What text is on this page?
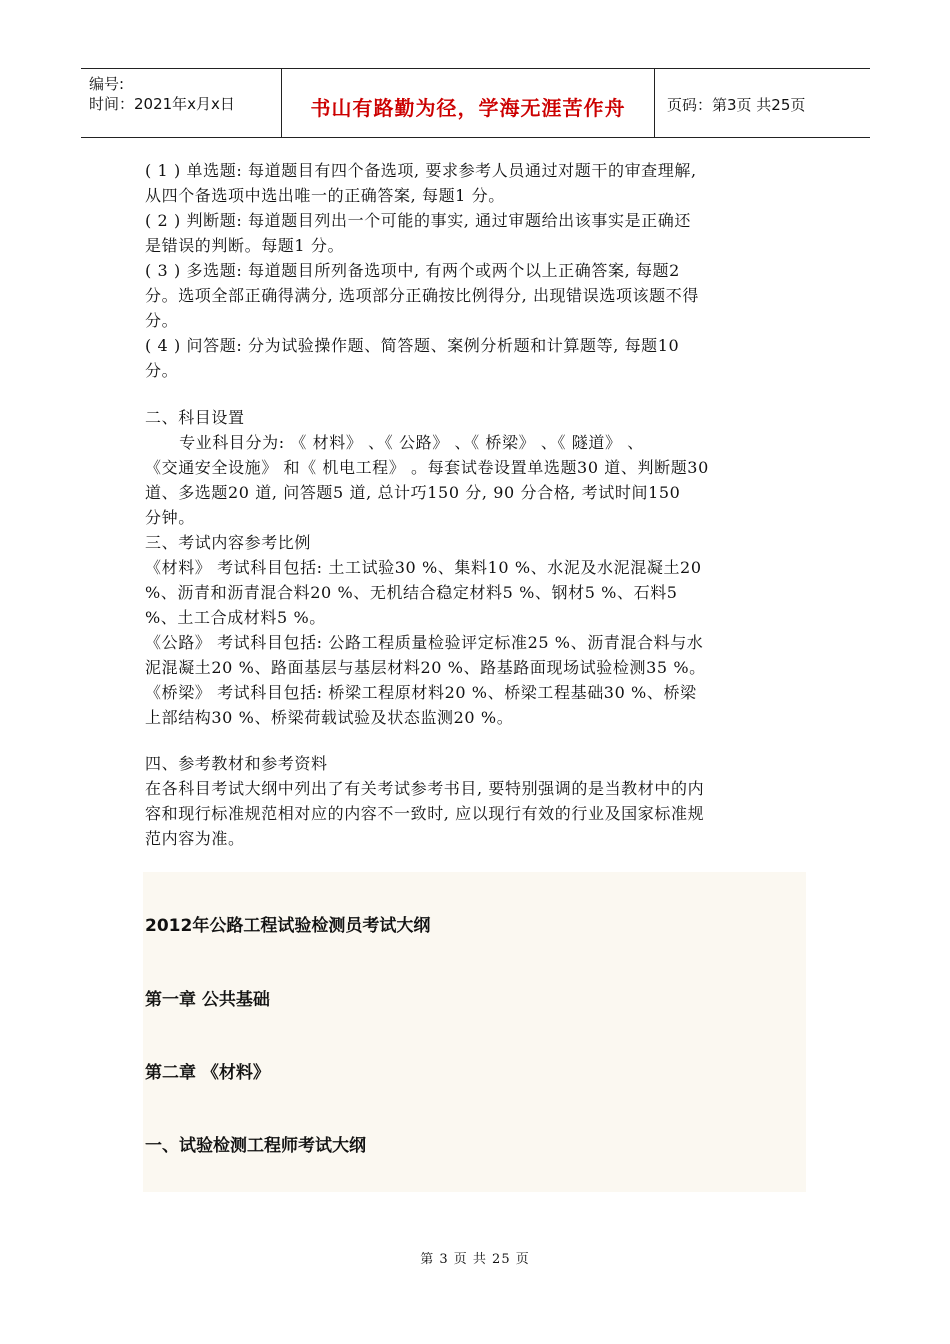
编号:
时间：2021年x月x日	书山有路勤为径，学海无涯苦作舟	页码：第3页 共25页
( 1 ) 单选题: 每道题目有四个备选项, 要求参考人员通过对题干的审查理解,
从四个备选项中选出唯一的正确答案, 每题1 分。
( 2 ) 判断题: 每道题目列出一个可能的事实, 通过审题给出该事实是正确还
是错误的判断。每题1 分。
( 3 ) 多选题: 每道题目所列备选项中, 有两个或两个以上正确答案, 每题2
分。选项全部正确得满分, 选项部分正确按比例得分, 出现错误选项该题不得
分。
( 4 ) 问答题: 分为试验操作题、简答题、案例分析题和计算题等, 每题10
分。
二、科目设置
专业科目分为: 《 材料》 、《 公路》 、《 桥梁》 、《 隧道》 、
《交通安全设施》 和《 机电工程》 。每套试卷设置单选题30 道、判断题30
道、多选题20 道, 问答题5 道, 总计巧150 分, 90 分合格, 考试时间150
分钟。
三、考试内容参考比例
《材料》 考试科目包括: 土工试验30 %、集料10 %、水泥及水泥混凝土20
%、沥青和沥青混合料20 %、无机结合稳定材料5 %、钢材5 %、石料5
%、土工合成材料5 %。
《公路》 考试科目包括: 公路工程质量检验评定标准25 %、沥青混合料与水
泥混凝土20 %、路面基层与基层材料20 %、路基路面现场试验检测35 %。
《桥梁》 考试科目包括: 桥梁工程原材料20 %、桥梁工程基础30 %、桥梁
上部结构30 %、桥梁荷载试验及状态监测20 %。
四、参考教材和参考资料
在各科目考试大纲中列出了有关考试参考书目, 要特别强调的是当教材中的内
容和现行标准规范相对应的内容不一致时, 应以现行有效的行业及国家标准规
范内容为准。
2012年公路工程试验检测员考试大纲
第一章 公共基础
第二章 《材料》
一、试验检测工程师考试大纲
第 3 页 共 25 页
